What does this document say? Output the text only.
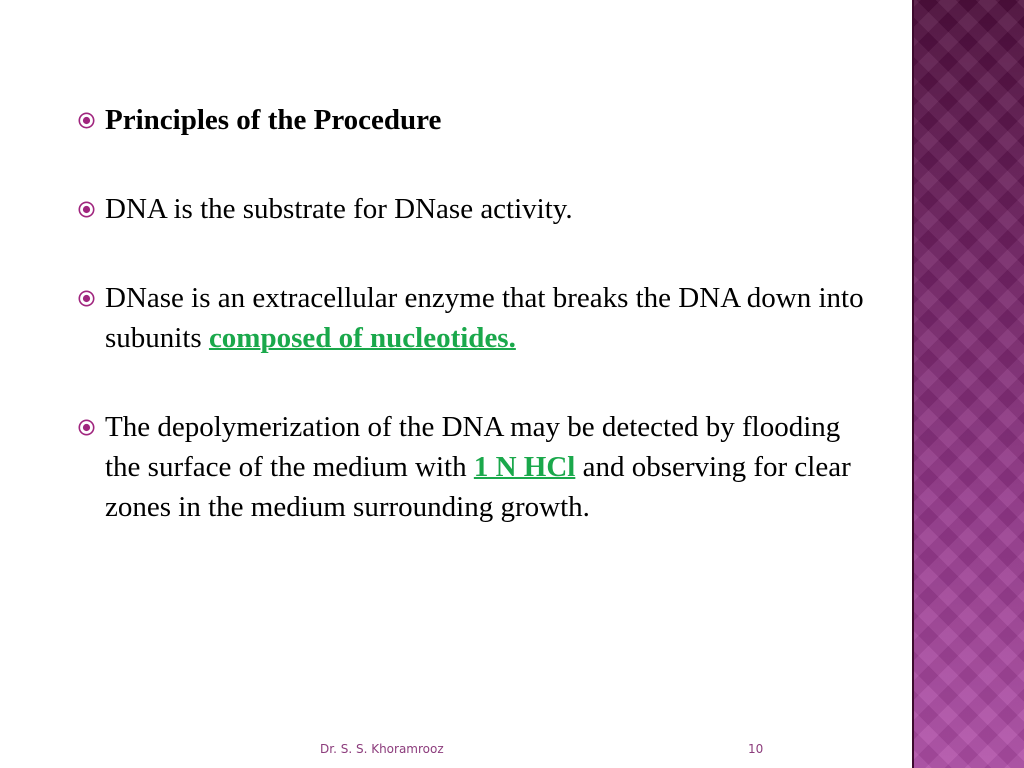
Principles of the Procedure
DNA is the substrate for DNase activity.
DNase is an extracellular enzyme that breaks the DNA down into subunits composed of nucleotides.
The depolymerization of the DNA may be detected by flooding the surface of the medium with 1 N HCl and observing for clear zones in the medium surrounding growth.
Dr. S. S. Khoramrooz	10
